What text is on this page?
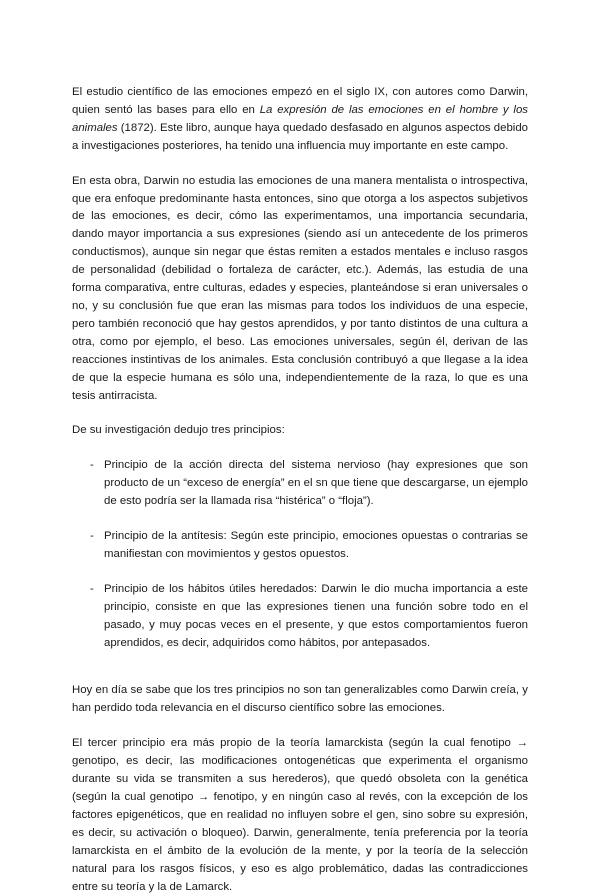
El estudio científico de las emociones empezó en el siglo IX, con autores como Darwin, quien sentó las bases para ello en La expresión de las emociones en el hombre y los animales (1872). Este libro, aunque haya quedado desfasado en algunos aspectos debido a investigaciones posteriores, ha tenido una influencia muy importante en este campo.

En esta obra, Darwin no estudia las emociones de una manera mentalista o introspectiva, que era enfoque predominante hasta entonces, sino que otorga a los aspectos subjetivos de las emociones, es decir, cómo las experimentamos, una importancia secundaria, dando mayor importancia a sus expresiones (siendo así un antecedente de los primeros conductismos), aunque sin negar que éstas remiten a estados mentales e incluso rasgos de personalidad (debilidad o fortaleza de carácter, etc.). Además, las estudia de una forma comparativa, entre culturas, edades y especies, planteándose si eran universales o no, y su conclusión fue que eran las mismas para todos los individuos de una especie, pero también reconoció que hay gestos aprendidos, y por tanto distintos de una cultura a otra, como por ejemplo, el beso. Las emociones universales, según él, derivan de las reacciones instintivas de los animales. Esta conclusión contribuyó a que llegase a la idea de que la especie humana es sólo una, independientemente de la raza, lo que es una tesis antirracista.

De su investigación dedujo tres principios:

- Principio de la acción directa del sistema nervioso (hay expresiones que son producto de un “exceso de energía” en el sn que tiene que descargarse, un ejemplo de esto podría ser la llamada risa “histérica” o “floja”).
- Principio de la antítesis: Según este principio, emociones opuestas o contrarias se manifiestan con movimientos y gestos opuestos.
- Principio de los hábitos útiles heredados: Darwin le dio mucha importancia a este principio, consiste en que las expresiones tienen una función sobre todo en el pasado, y muy pocas veces en el presente, y que estos comportamientos fueron aprendidos, es decir, adquiridos como hábitos, por antepasados.

Hoy en día se sabe que los tres principios no son tan generalizables como Darwin creía, y han perdido toda relevancia en el discurso científico sobre las emociones.

El tercer principio era más propio de la teoría lamarckista (según la cual fenotipo → genotipo, es decir, las modificaciones ontogenéticas que experimenta el organismo durante su vida se transmiten a sus herederos), que quedó obsoleta con la genética (según la cual genotipo → fenotipo, y en ningún caso al revés, con la excepción de los factores epigenéticos, que en realidad no influyen sobre el gen, sino sobre su expresión, es decir, su activación o bloqueo). Darwin, generalmente, tenía preferencia por la teoría lamarckista en el ámbito de la evolución de la mente, y por la teoría de la selección natural para los rasgos físicos, y eso es algo problemático, dadas las contradicciones entre su teoría y la de Lamarck.
